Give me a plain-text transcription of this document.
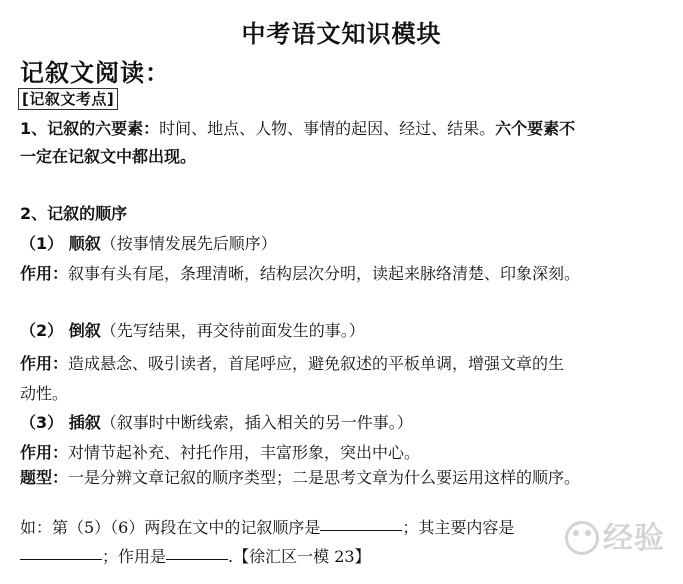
中考语文知识模块
记叙文阅读：
[记叙文考点]
1、记叙的六要素：时间、地点、人物、事情的起因、经过、结果。六个要素不
一定在记叙文中都出现。
2、记叙的顺序
（1） 顺叙（按事情发展先后顺序）
作用：叙事有头有尾，条理清晰，结构层次分明，读起来脉络清楚、印象深刻。
（2） 倒叙（先写结果，再交待前面发生的事。）
作用：造成悬念、吸引读者，首尾呼应，避免叙述的平板单调，增强文章的生
动性。
（3） 插叙（叙事时中断线索，插入相关的另一件事。）
作用：对情节起补充、衬托作用，丰富形象，突出中心。
题型：一是分辨文章记叙的顺序类型；二是思考文章为什么要运用这样的顺序。
如：第（5）（6）两段在文中的记叙顺序是	；其主要内容是
；作用是	.【徐汇区一模 23】
经验
